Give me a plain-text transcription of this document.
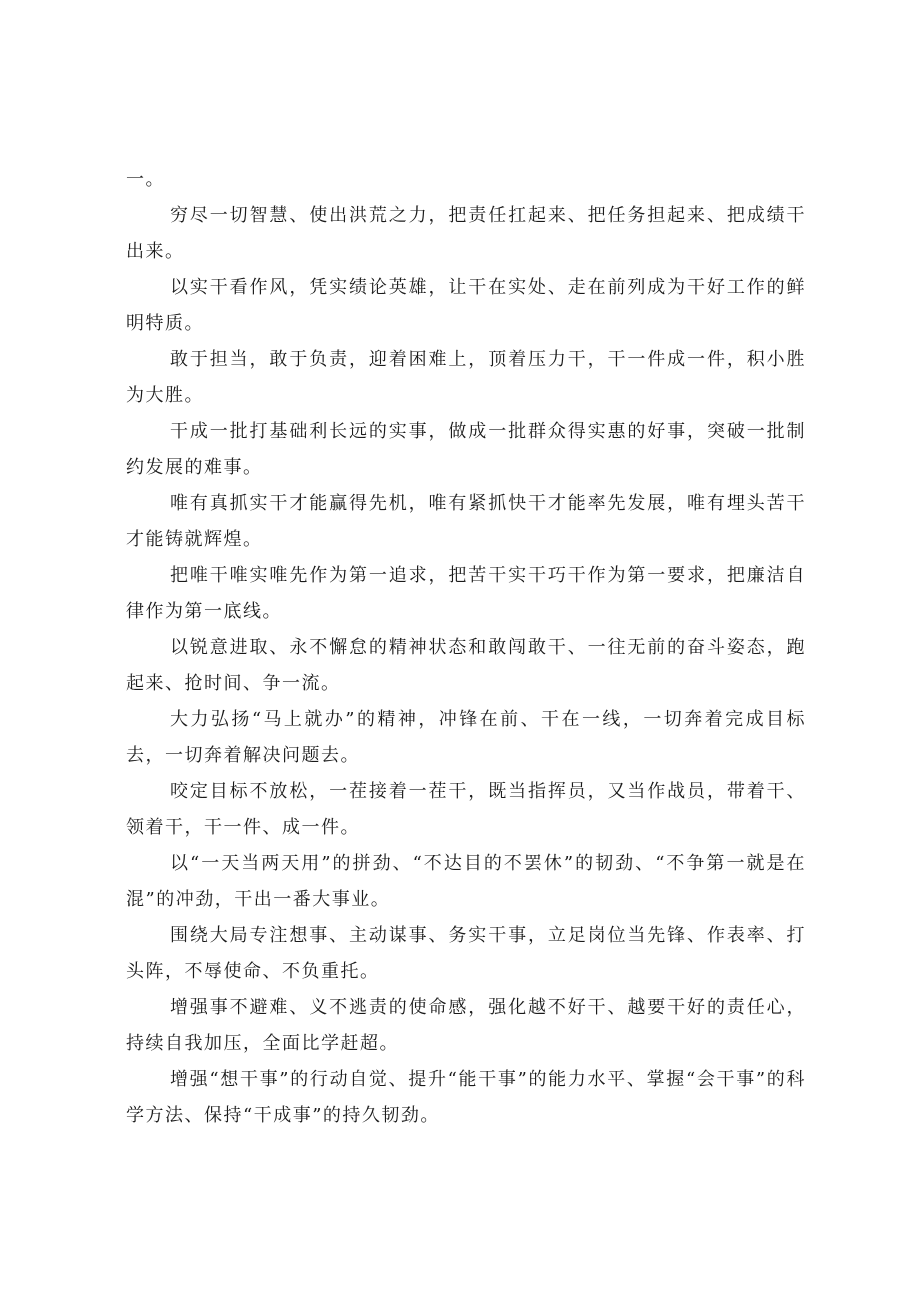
一。

穷尽一切智慧、使出洪荒之力，把责任扛起来、把任务担起来、把成绩干出来。

以实干看作风，凭实绩论英雄，让干在实处、走在前列成为干好工作的鲜明特质。

敢于担当，敢于负责，迎着困难上，顶着压力干，干一件成一件，积小胜为大胜。

干成一批打基础利长远的实事，做成一批群众得实惠的好事，突破一批制约发展的难事。

唯有真抓实干才能赢得先机，唯有紧抓快干才能率先发展，唯有埋头苦干才能铸就辉煌。

把唯干唯实唯先作为第一追求，把苦干实干巧干作为第一要求，把廉洁自律作为第一底线。

以锐意进取、永不懈怠的精神状态和敢闯敢干、一往无前的奋斗姿态，跑起来、抢时间、争一流。

大力弘扬“马上就办”的精神，冲锋在前、干在一线，一切奔着完成目标去，一切奔着解决问题去。

咬定目标不放松，一茬接着一茬干，既当指挥员，又当作战员，带着干、领着干，干一件、成一件。

以“一天当两天用”的拼劲、“不达目的不罢休”的韧劲、“不争第一就是在混”的冲劲，干出一番大事业。

围绕大局专注想事、主动谋事、务实干事，立足岗位当先锋、作表率、打头阵，不辱使命、不负重托。

增强事不避难、义不逃责的使命感，强化越不好干、越要干好的责任心，持续自我加压，全面比学赶超。

增强“想干事”的行动自觉、提升“能干事”的能力水平、掌握“会干事”的科学方法、保持“干成事”的持久韧劲。
